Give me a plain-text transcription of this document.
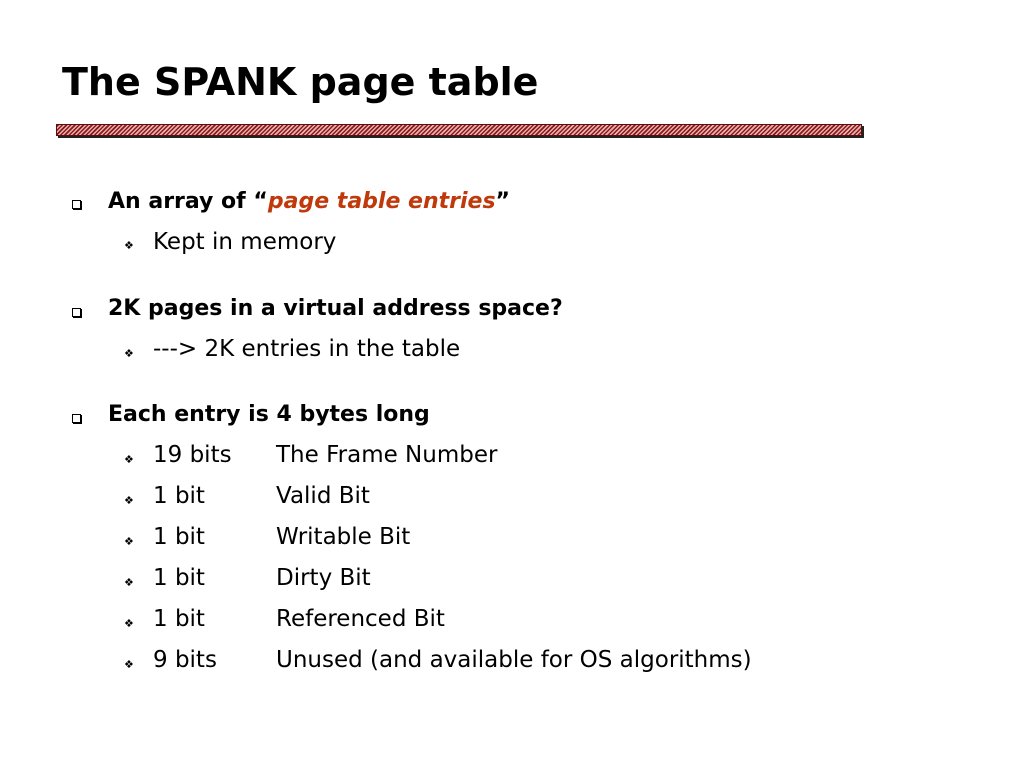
The SPANK page table
An array of “page table entries”
❖ Kept in memory
2K pages in a virtual address space?
❖ ---> 2K entries in the table
Each entry is 4 bytes long
❖ 19 bits The Frame Number
❖ 1 bit	Valid Bit
❖ 1 bit	Writable Bit
❖ 1 bit	Dirty Bit
❖ 1 bit	Referenced Bit
❖ 9 bits	Unused (and available for OS algorithms)
